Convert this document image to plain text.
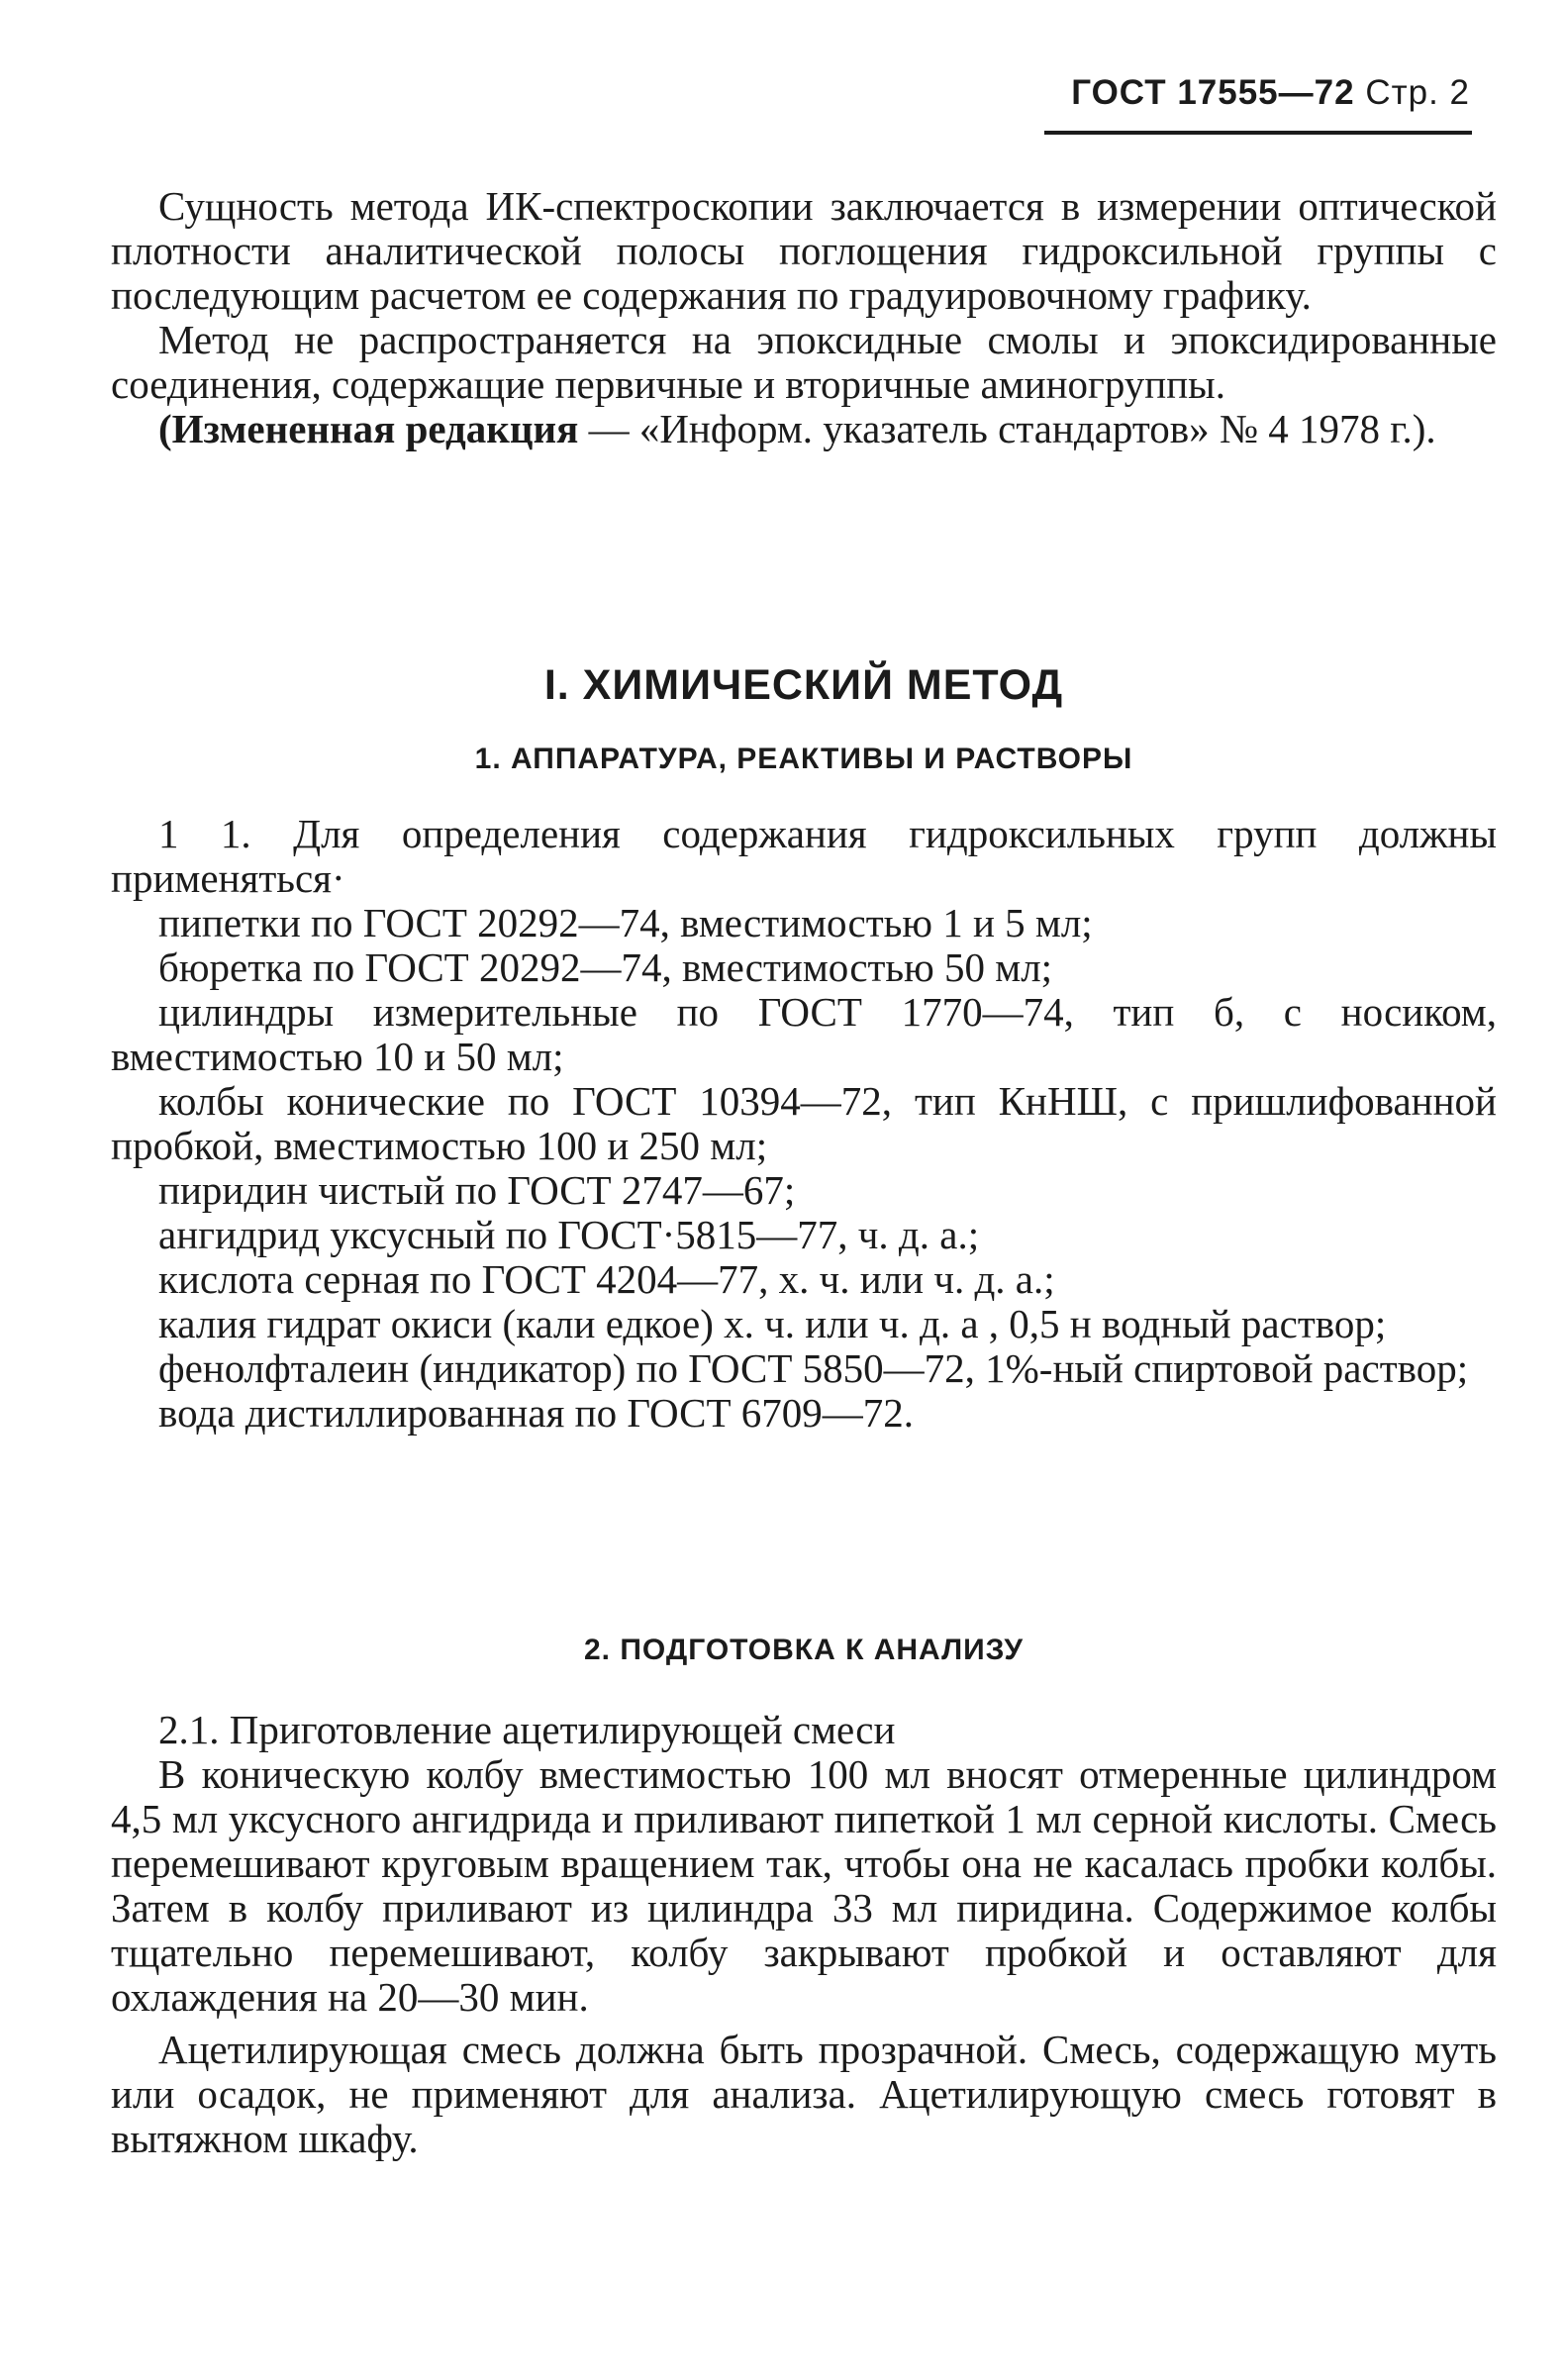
ГОСТ 17555—72 Стр. 2

Сущность метода ИК-спектроскопии заключается в измерении оптической плотности аналитической полосы поглощения гидроксильной группы с последующим расчетом ее содержания по градуировочному графику.

Метод не распространяется на эпоксидные смолы и эпоксидированные соединения, содержащие первичные и вторичные аминогруппы.

(Измененная редакция — «Информ. указатель стандартов» № 4 1978 г.).

I. ХИМИЧЕСКИЙ МЕТОД
1. АППАРАТУРА, РЕАКТИВЫ И РАСТВОРЫ

1 1. Для определения содержания гидроксильных групп должны применяться·

пипетки по ГОСТ 20292—74, вместимостью 1 и 5 мл;

бюретка по ГОСТ 20292—74, вместимостью 50 мл;

цилиндры измерительные по ГОСТ 1770—74, тип б, с носиком, вместимостью 10 и 50 мл;

колбы конические по ГОСТ 10394—72, тип КнНШ, с пришлифованной пробкой, вместимостью 100 и 250 мл;

пиридин чистый по ГОСТ 2747—67;

ангидрид уксусный по ГОСТ·5815—77, ч. д. а.;

кислота серная по ГОСТ 4204—77, х. ч. или ч. д. а.;

калия гидрат окиси (кали едкое) х. ч. или ч. д. а , 0,5 н водный раствор;

фенолфталеин (индикатор) по ГОСТ 5850—72, 1%-ный спиртовой раствор;

вода дистиллированная по ГОСТ 6709—72.

2. ПОДГОТОВКА К АНАЛИЗУ

2.1. Приготовление ацетилирующей смеси

В коническую колбу вместимостью 100 мл вносят отмеренные цилиндром 4,5 мл уксусного ангидрида и приливают пипеткой 1 мл серной кислоты. Смесь перемешивают круговым вращением так, чтобы она не касалась пробки колбы. Затем в колбу приливают из цилиндра 33 мл пиридина. Содержимое колбы тщательно перемешивают, колбу закрывают пробкой и оставляют для охлаждения на 20—30 мин.

Ацетилирующая смесь должна быть прозрачной. Смесь, содержащую муть или осадок, не применяют для анализа. Ацетилирующую смесь готовят в вытяжном шкафу.
